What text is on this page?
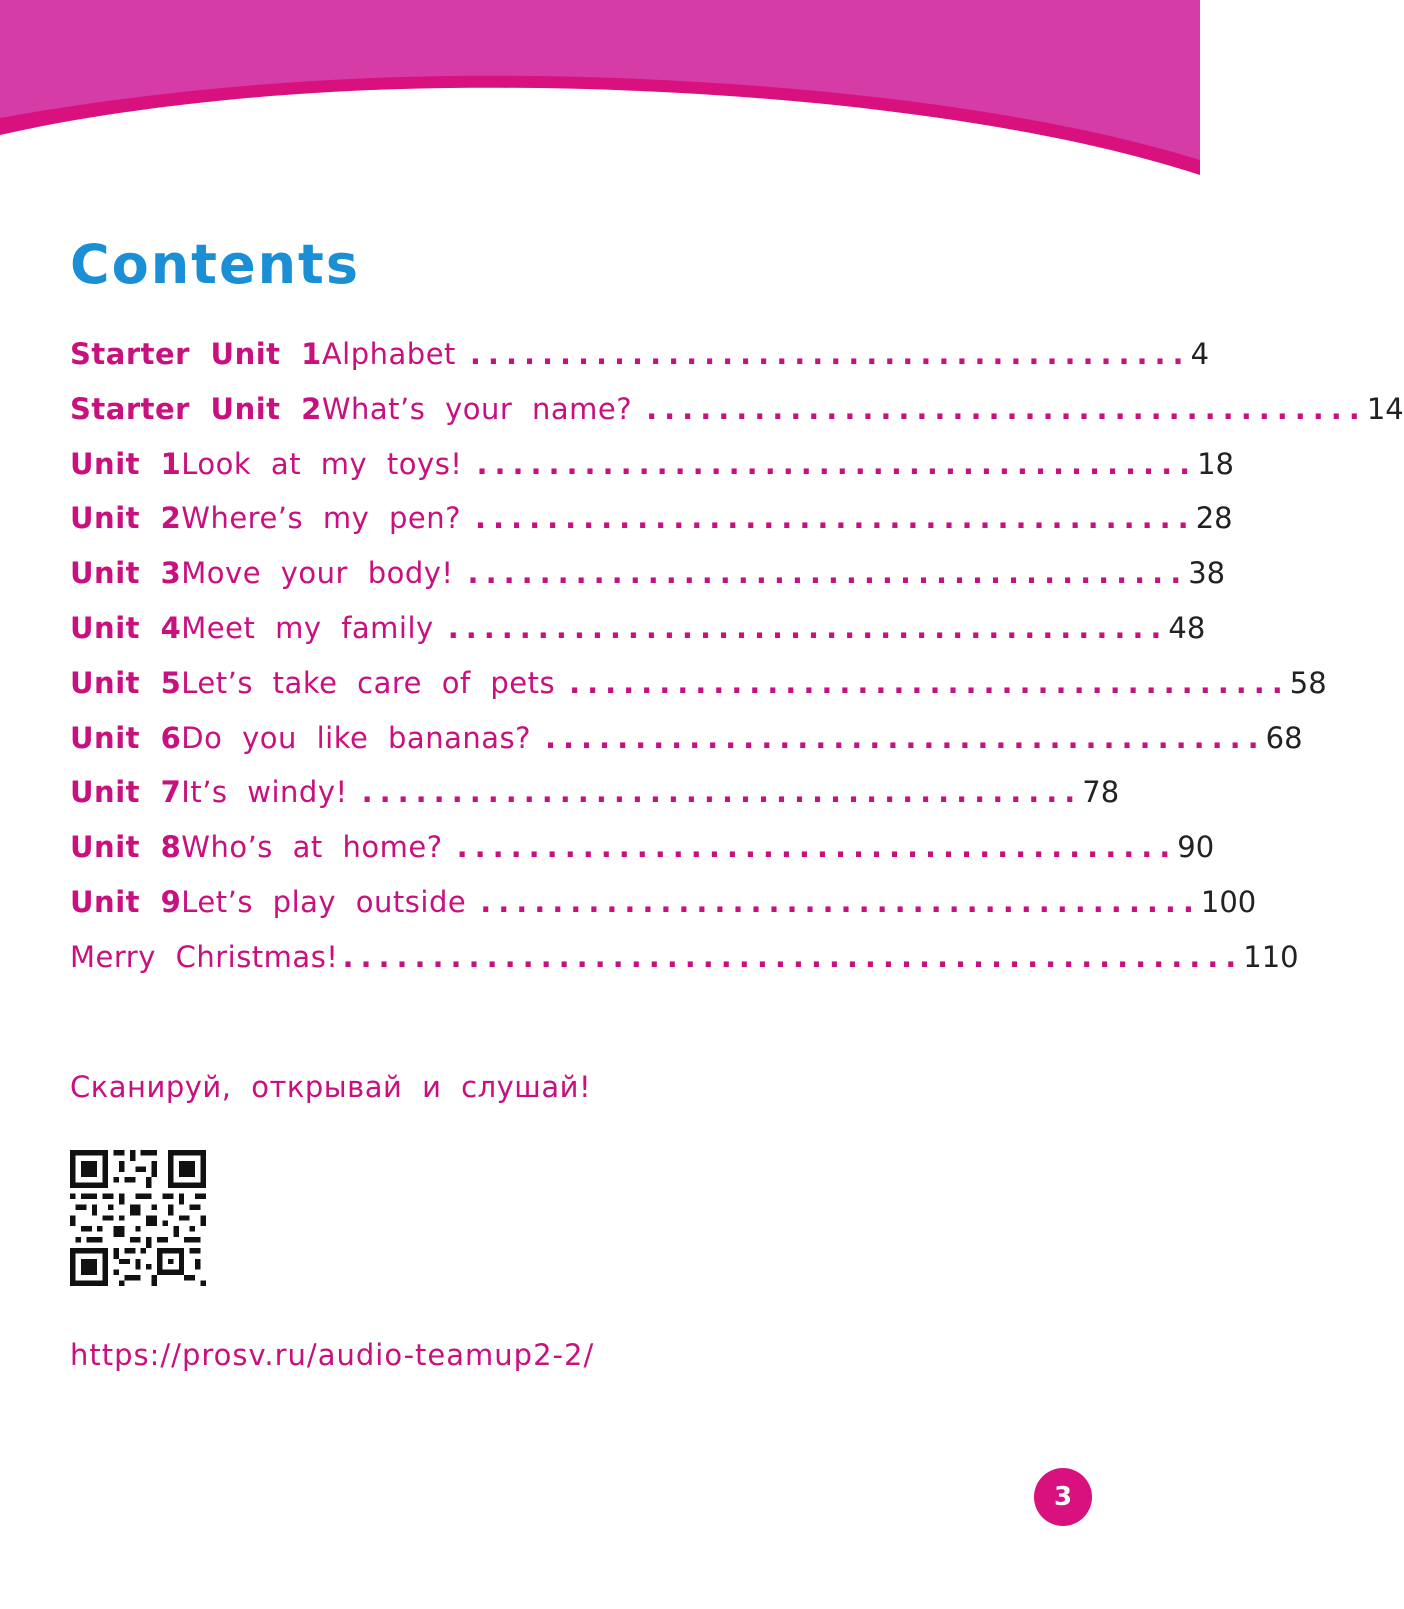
Contents
Starter Unit 1 Alphabet ........................................ 4
Starter Unit 2 What’s your name? ........................................ 14
Unit 1 Look at my toys! ........................................ 18
Unit 2 Where’s my pen? ........................................ 28
Unit 3 Move your body! ........................................ 38
Unit 4 Meet my family ........................................ 48
Unit 5 Let’s take care of pets ........................................ 58
Unit 6 Do you like bananas? ........................................ 68
Unit 7 It’s windy! ........................................ 78
Unit 8 Who’s at home? ........................................ 90
Unit 9 Let’s play outside ........................................ 100
Merry Christmas! .................................................. 110
Сканируй, открывай и слушай!
https://prosv.ru/audio-teamup2-2/
3
